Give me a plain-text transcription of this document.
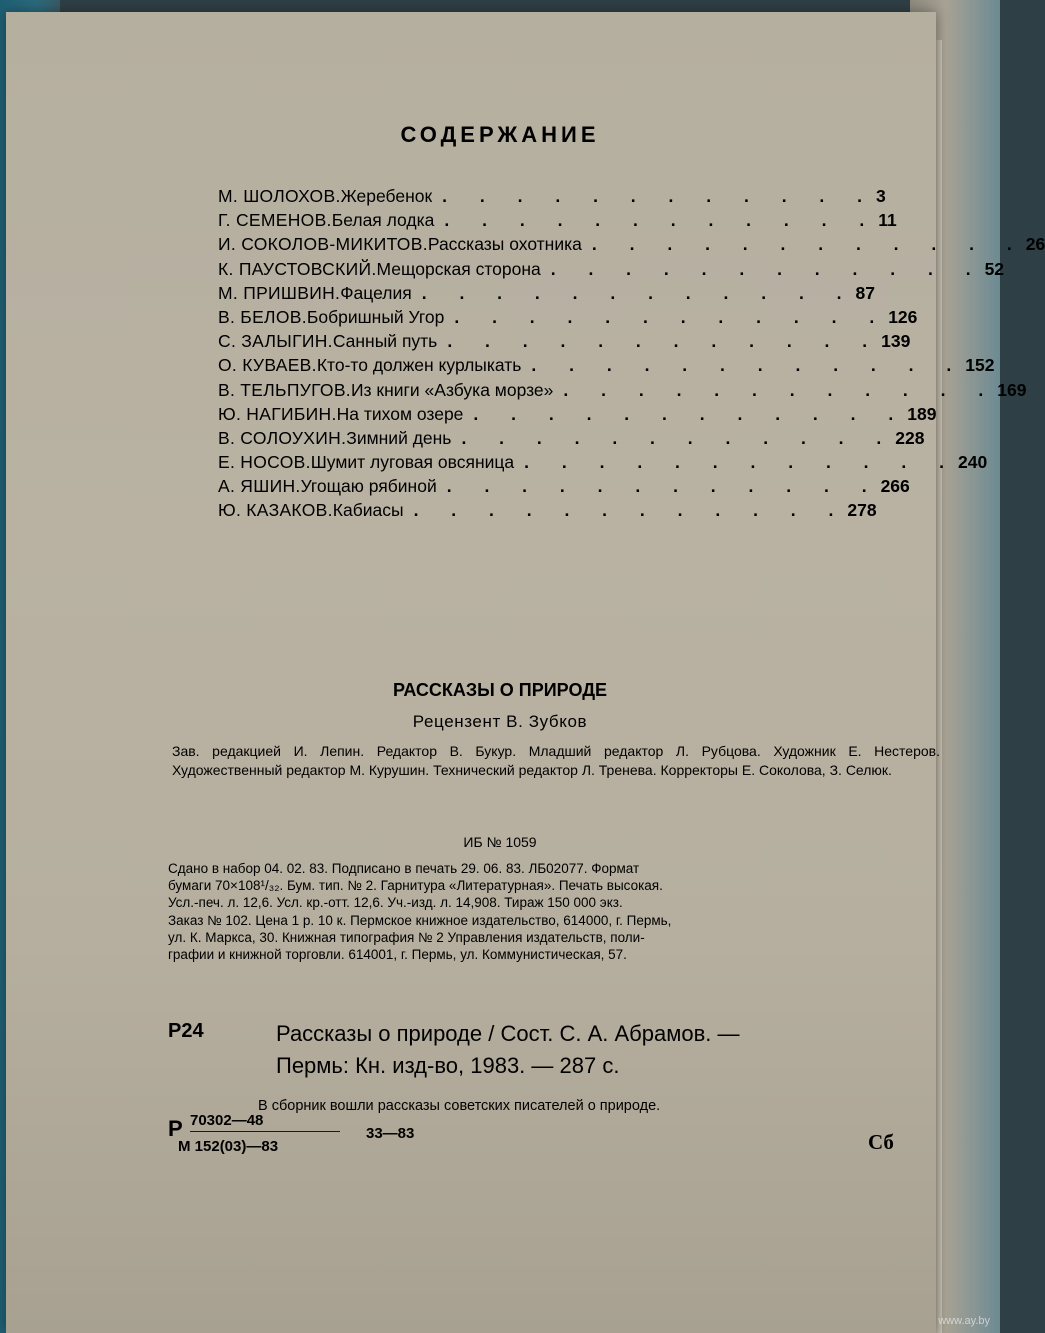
СОДЕРЖАНИЕ
М. ШОЛОХОВ. Жеребенок . . . . . . . . . . . . 3
Г. СЕМЕНОВ. Белая лодка . . . . . . . . . . . . 11
И. СОКОЛОВ-МИКИТОВ. Рассказы охотника . . . . . . . . . . . . 26
К. ПАУСТОВСКИЙ. Мещорская сторона . . . . . . . . . . . . 52
М. ПРИШВИН. Фацелия . . . . . . . . . . . . 87
В. БЕЛОВ. Бобришный Угор . . . . . . . . . . . . 126
С. ЗАЛЫГИН. Санный путь . . . . . . . . . . . . 139
О. КУВАЕВ. Кто-то должен курлыкать . . . . . . . . . . . . 152
В. ТЕЛЬПУГОВ. Из книги «Азбука морзе» . . . . . . . . . . . . 169
Ю. НАГИБИН. На тихом озере . . . . . . . . . . . . 189
В. СОЛОУХИН. Зимний день . . . . . . . . . . . . 228
Е. НОСОВ. Шумит луговая овсяница . . . . . . . . . . . . 240
А. ЯШИН. Угощаю рябиной . . . . . . . . . . . . 266
Ю. КАЗАКОВ. Кабиасы . . . . . . . . . . . . 278
РАССКАЗЫ О ПРИРОДЕ
Рецензент В. Зубков
Зав. редакцией И. Лепин. Редактор В. Букур. Младший редактор Л. Рубцова. Художник Е. Нестеров. Художественный редактор М. Курушин. Технический редактор Л. Тренева. Корректоры Е. Соколова, З. Селюк.
ИБ № 1059
Сдано в набор 04. 02. 83. Подписано в печать 29. 06. 83. ЛБ02077. Формат
бумаги 70×108¹/₃₂. Бум. тип. № 2. Гарнитура «Литературная». Печать высокая.
Усл.-печ. л. 12,6. Усл. кр.-отт. 12,6. Уч.-изд. л. 14,908. Тираж 150 000 экз.
Заказ № 102. Цена 1 р. 10 к. Пермское книжное издательство, 614000, г. Пермь,
ул. К. Маркса, 30. Книжная типография № 2 Управления издательств, поли-
графии и книжной торговли. 614001, г. Пермь, ул. Коммунистическая, 57.
Р24	Рассказы о природе / Сост. С. А. Абрамов. —
Пермь: Кн. изд-во, 1983. — 287 с.
В сборник вошли рассказы советских писателей о природе.
Р 70302—48
М 152(03)—83
33—83	Сб
www.ay.by
